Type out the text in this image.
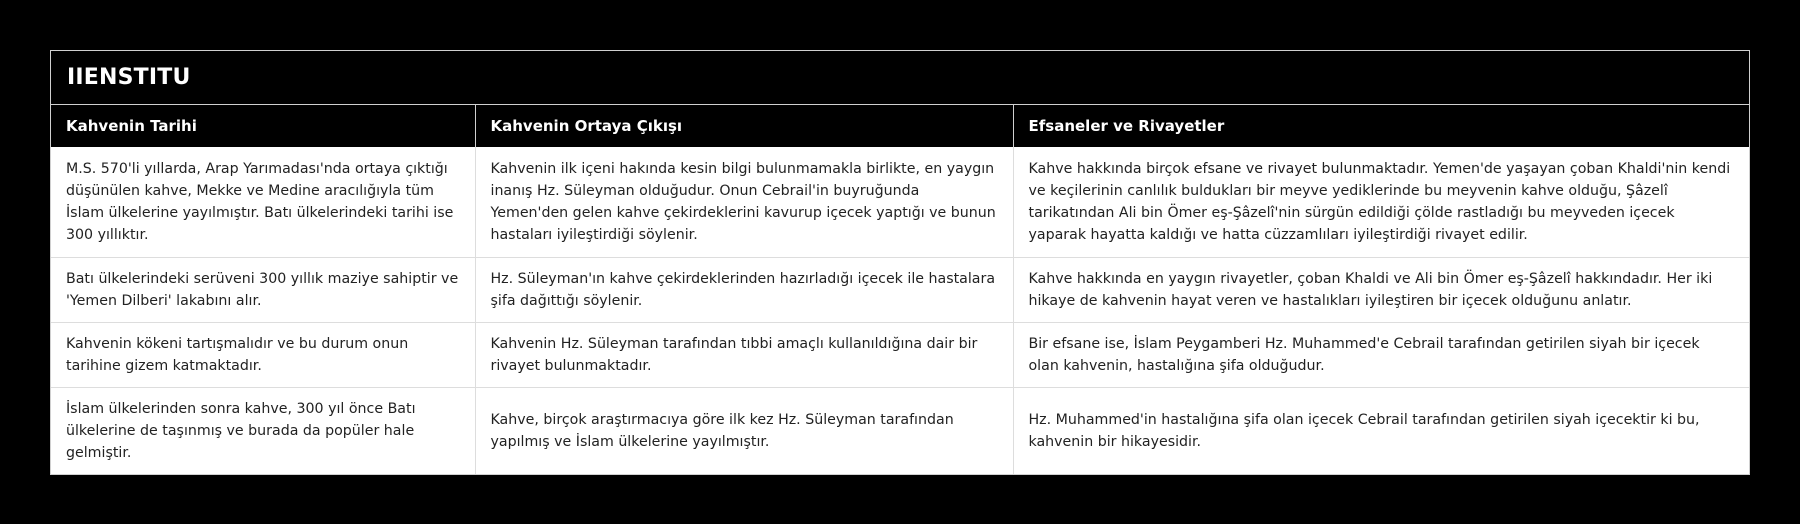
IIENSTITU
Kahvenin Tarihi	Kahvenin Ortaya Çıkışı	Efsaneler ve Rivayetler
M.S. 570'li yıllarda, Arap Yarımadası'nda ortaya çıktığı düşünülen kahve, Mekke ve Medine aracılığıyla tüm İslam ülkelerine yayılmıştır. Batı ülkelerindeki tarihi ise 300 yıllıktır.	Kahvenin ilk içeni hakında kesin bilgi bulunmamakla birlikte, en yaygın inanış Hz. Süleyman olduğudur. Onun Cebrail'in buyruğunda Yemen'den gelen kahve çekirdeklerini kavurup içecek yaptığı ve bunun hastaları iyileştirdiği söylenir.	Kahve hakkında birçok efsane ve rivayet bulunmaktadır. Yemen'de yaşayan çoban Khaldi'nin kendi ve keçilerinin canlılık buldukları bir meyve yediklerinde bu meyvenin kahve olduğu, Şâzelî tarikatından Ali bin Ömer eş-Şâzelî'nin sürgün edildiği çölde rastladığı bu meyveden içecek yaparak hayatta kaldığı ve hatta cüzzamlıları iyileştirdiği rivayet edilir.
Batı ülkelerindeki serüveni 300 yıllık maziye sahiptir ve 'Yemen Dilberi' lakabını alır.	Hz. Süleyman'ın kahve çekirdeklerinden hazırladığı içecek ile hastalara şifa dağıttığı söylenir.	Kahve hakkında en yaygın rivayetler, çoban Khaldi ve Ali bin Ömer eş-Şâzelî hakkındadır. Her iki hikaye de kahvenin hayat veren ve hastalıkları iyileştiren bir içecek olduğunu anlatır.
Kahvenin kökeni tartışmalıdır ve bu durum onun tarihine gizem katmaktadır.	Kahvenin Hz. Süleyman tarafından tıbbi amaçlı kullanıldığına dair bir rivayet bulunmaktadır.	Bir efsane ise, İslam Peygamberi Hz. Muhammed'e Cebrail tarafından getirilen siyah bir içecek olan kahvenin, hastalığına şifa olduğudur.
İslam ülkelerinden sonra kahve, 300 yıl önce Batı ülkelerine de taşınmış ve burada da popüler hale gelmiştir.	Kahve, birçok araştırmacıya göre ilk kez Hz. Süleyman tarafından yapılmış ve İslam ülkelerine yayılmıştır.	Hz. Muhammed'in hastalığına şifa olan içecek Cebrail tarafından getirilen siyah içecektir ki bu, kahvenin bir hikayesidir.
